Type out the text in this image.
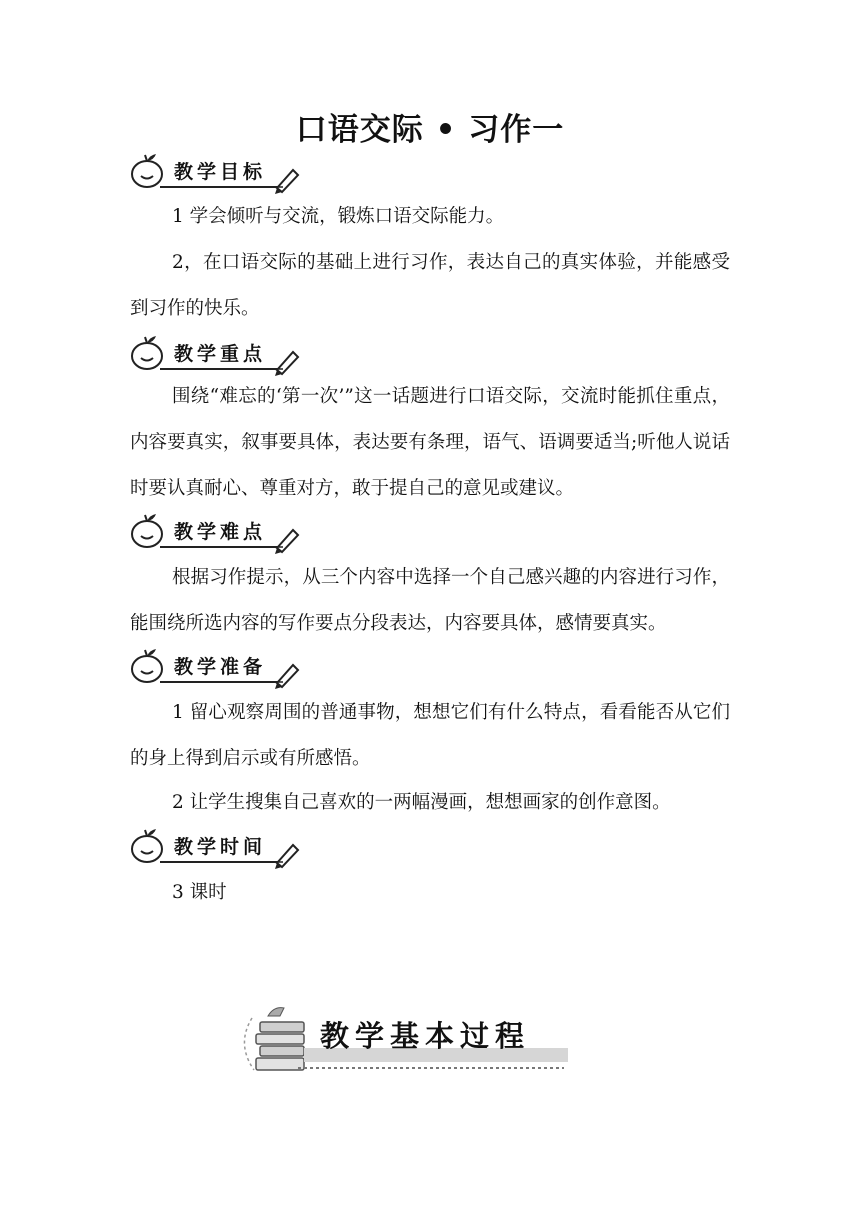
口语交际 • 习作一
教学目标
1 学会倾听与交流，锻炼口语交际能力。
2，在口语交际的基础上进行习作，表达自己的真实体验，并能感受到习作的快乐。
教学重点
围绕“难忘的‘第一次’”这一话题进行口语交际，交流时能抓住重点，内容要真实，叙事要具体，表达要有条理，语气、语调要适当;听他人说话时要认真耐心、尊重对方，敢于提自己的意见或建议。
教学难点
根据习作提示，从三个内容中选择一个自己感兴趣的内容进行习作，能围绕所选内容的写作要点分段表达，内容要具体，感情要真实。
教学准备
1 留心观察周围的普通事物，想想它们有什么特点，看看能否从它们的身上得到启示或有所感悟。
2 让学生搜集自己喜欢的一两幅漫画，想想画家的创作意图。
教学时间
3 课时
教学基本过程
